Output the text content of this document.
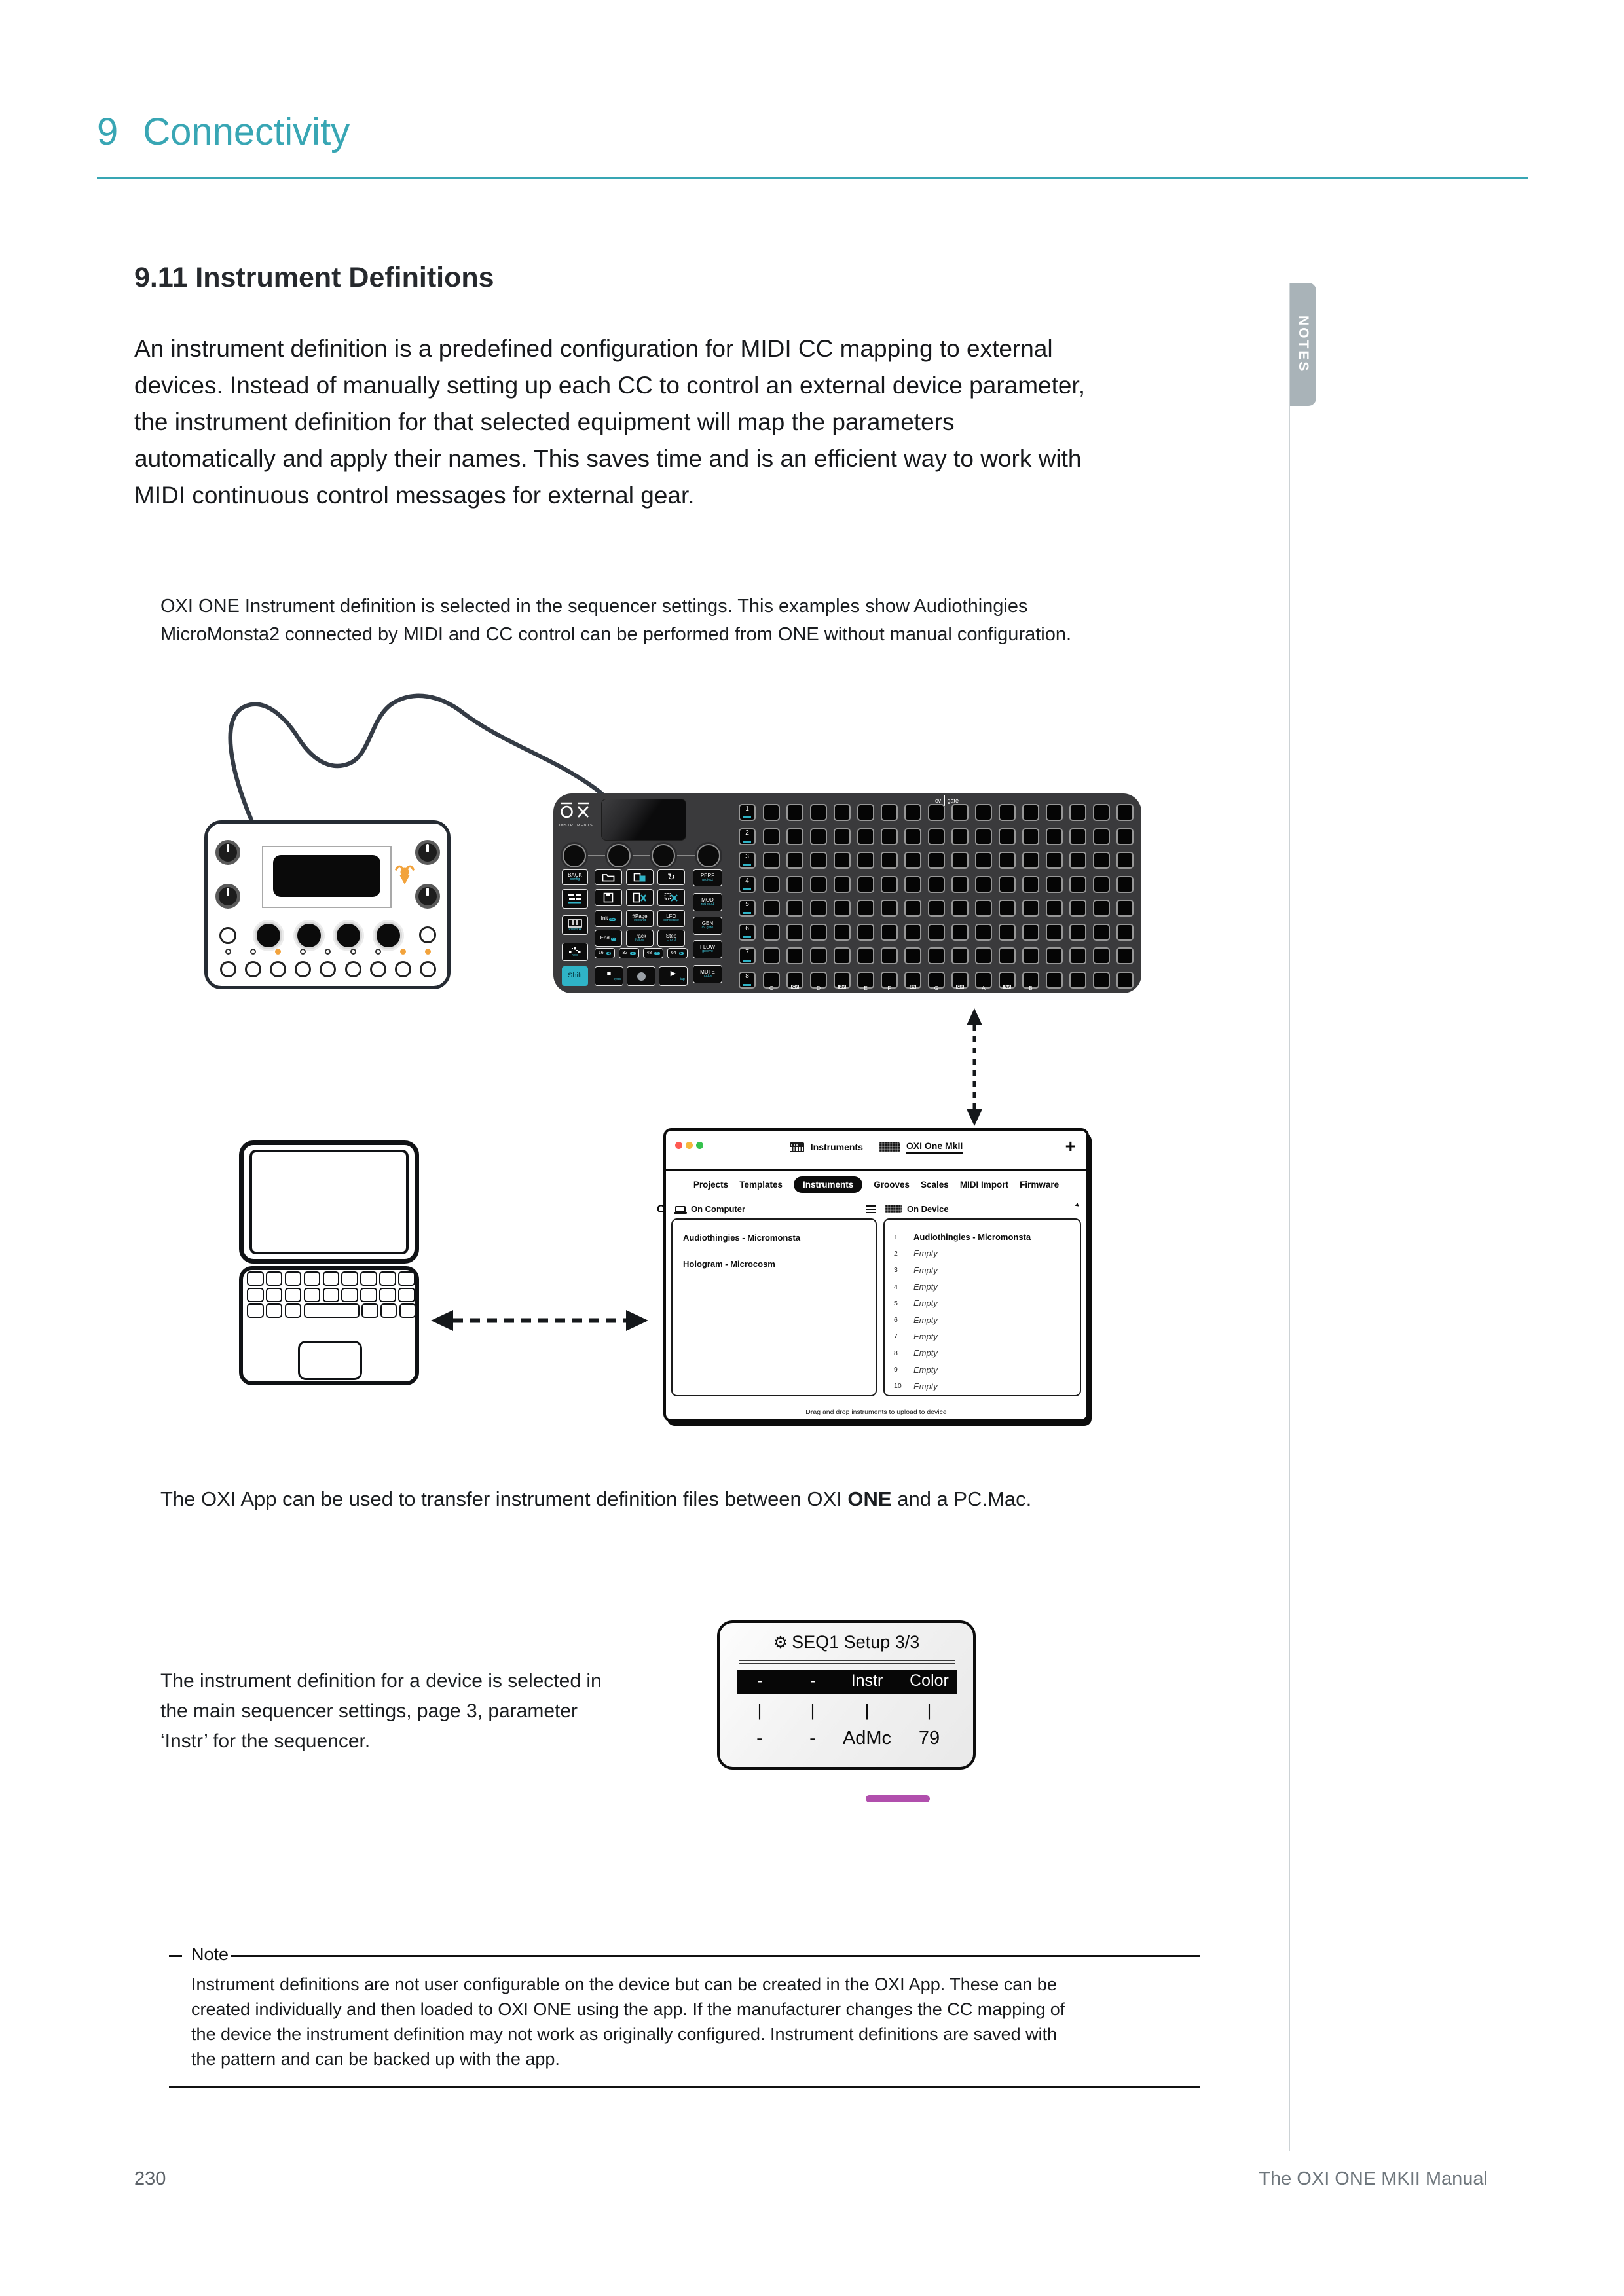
9 Connectivity
NOTES
9.11 Instrument Definitions
An instrument definition is a predefined configuration for MIDI CC mapping to external
devices. Instead of manually setting up each CC to control an external device parameter,
the instrument definition for that selected equipment will map the parameters
automatically and apply their names. This saves time and is an efficient way to work with
MIDI continuous control messages for external gear.
OXI ONE Instrument definition is selected in the sequencer settings. This examples show Audiothingies
MicroMonsta2 connected by MIDI and CC control can be performed from ONE without manual configuration.
INSTRUMENTS
cv gate
BACK
config
preview
hold
Shift
↻
Init x2	#Page
expand
LFO
condense
End /2	Track
follow
Step
chord
16	◀	32	▲	48	▼	64	▶
■
sync
▶
tap
PERF
project
MOD
ext mod
GEN
cv gate
FLOW
groove
MUTE
nudge
1
2
3
4
5
6
7
8
C	C#	D	D#	E	F	F#	G	G#	A	A#	B
Instruments	OXI One MkII	+
Projects Templates	Instruments	Grooves Scales MIDI Import Firmware
On Computer	On Device
C
Audiothingies - Micromonsta
Hologram - Microcosm
1	Audiothingies - Micromonsta
2	Empty
3	Empty
4	Empty
5	Empty
6	Empty
7	Empty
8	Empty
9	Empty
10	Empty
Drag and drop instruments to upload to device
The OXI App can be used to transfer instrument definition files between OXI ONE and a PC.Mac.
⚙ SEQ1 Setup 3/3
-	- Instr Color
|	|	|	|
- - AdMc 79
The instrument definition for a device is selected in
the main sequencer settings, page 3, parameter
‘Instr’ for the sequencer.
Note
Instrument definitions are not user configurable on the device but can be created in the OXI App. These can be
created individually and then loaded to OXI ONE using the app. If the manufacturer changes the CC mapping of
the device the instrument definition may not work as originally configured. Instrument definitions are saved with
the pattern and can be backed up with the app.
230	The OXI ONE MKII Manual
